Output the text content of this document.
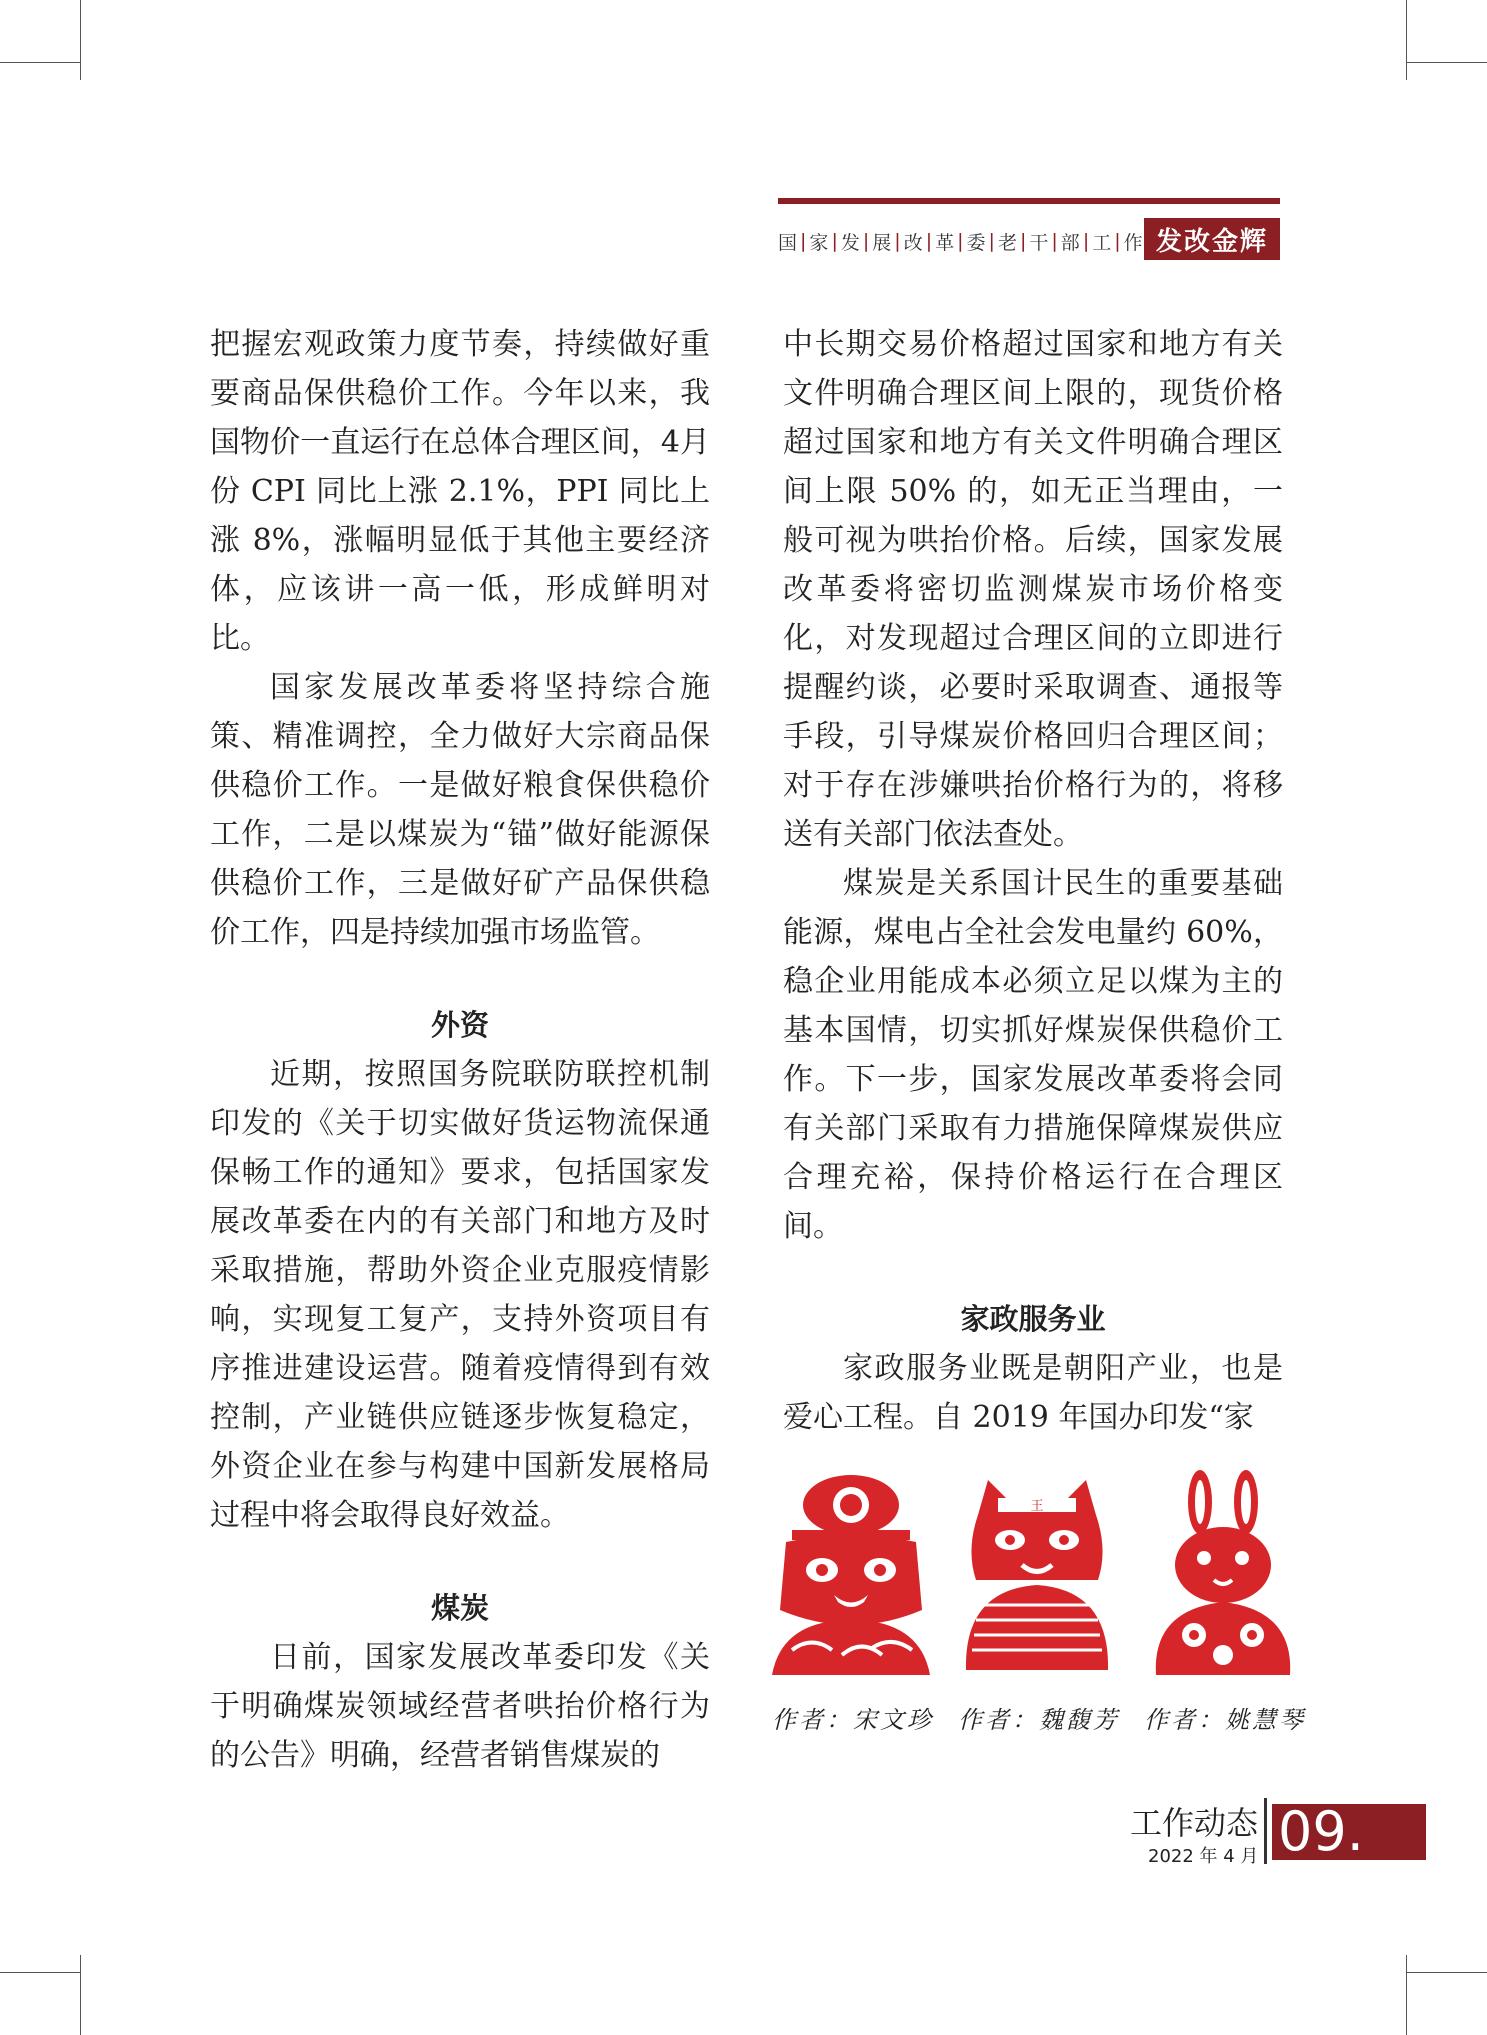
国 | 家 | 发 | 展 | 改 | 革 | 委 | 老 | 干 | 部 | 工 | 作 发改金辉

把握宏观政策力度节奏，持续做好重要商品保供稳价工作。今年以来，我国物价一直运行在总体合理区间，4月份 CPI 同比上涨 2.1%，PPI 同比上涨 8%，涨幅明显低于其他主要经济体，应该讲一高一低，形成鲜明对比。

国家发展改革委将坚持综合施策、精准调控，全力做好大宗商品保供稳价工作。一是做好粮食保供稳价工作，二是以煤炭为“锚”做好能源保供稳价工作，三是做好矿产品保供稳价工作，四是持续加强市场监管。

外资

近期，按照国务院联防联控机制印发的《关于切实做好货运物流保通保畅工作的通知》要求，包括国家发展改革委在内的有关部门和地方及时采取措施，帮助外资企业克服疫情影响，实现复工复产，支持外资项目有序推进建设运营。随着疫情得到有效控制，产业链供应链逐步恢复稳定，外资企业在参与构建中国新发展格局过程中将会取得良好效益。

煤炭

日前，国家发展改革委印发《关于明确煤炭领域经营者哄抬价格行为的公告》明确，经营者销售煤炭的

中长期交易价格超过国家和地方有关文件明确合理区间上限的，现货价格超过国家和地方有关文件明确合理区间上限 50% 的，如无正当理由，一般可视为哄抬价格。后续，国家发展改革委将密切监测煤炭市场价格变化，对发现超过合理区间的立即进行提醒约谈，必要时采取调查、通报等手段，引导煤炭价格回归合理区间；对于存在涉嫌哄抬价格行为的，将移送有关部门依法查处。

煤炭是关系国计民生的重要基础能源，煤电占全社会发电量约 60%，稳企业用能成本必须立足以煤为主的基本国情，切实抓好煤炭保供稳价工作。下一步，国家发展改革委将会同有关部门采取有力措施保障煤炭供应合理充裕，保持价格运行在合理区间。

家政服务业

家政服务业既是朝阳产业，也是爱心工程。自 2019 年国办印发“家

王
作者：宋文珍 作者：魏馥芳 作者：姚慧琴
工作动态
2022 年 4 月 09.
